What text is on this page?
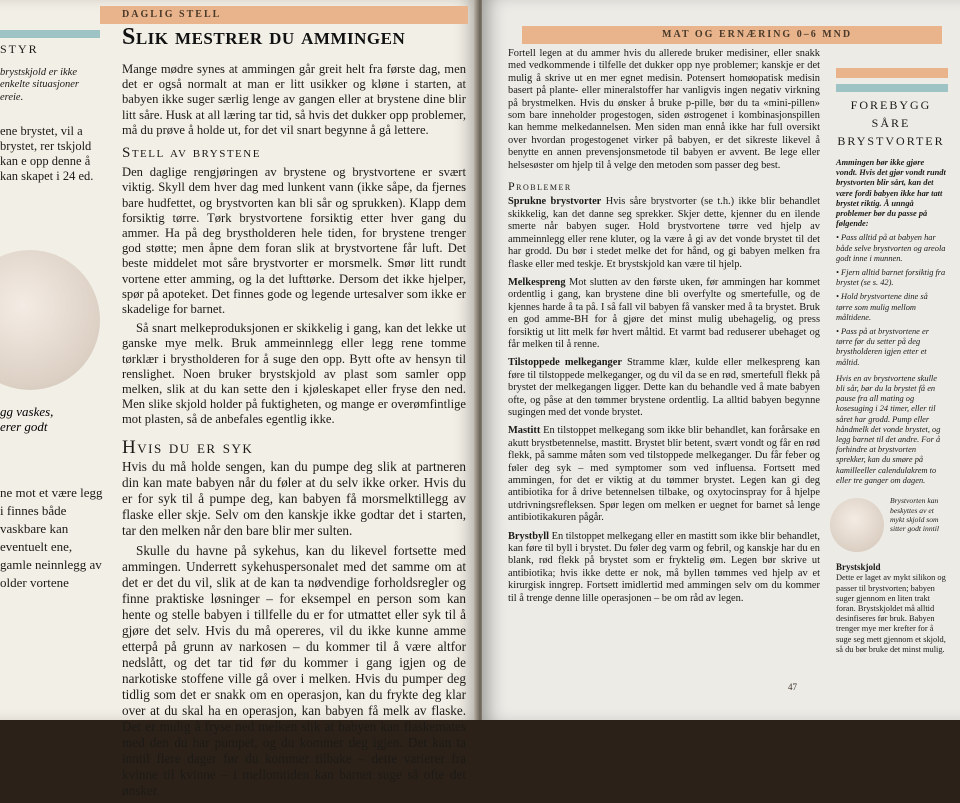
DAGLIG STELL
Slik mestrer du ammingen

Mange mødre synes at ammingen går greit helt fra første dag, men det er også normalt at man er litt usikker og kløne i starten, at babyen ikke suger særlig lenge av gangen eller at brystene dine blir litt såre. Husk at all læring tar tid, så hvis det dukker opp problemer, må du prøve å holde ut, for det vil snart begynne å gå lettere.

Stell av brystene

Den daglige rengjøringen av brystene og brystvortene er svært viktig. Skyll dem hver dag med lunkent vann (ikke såpe, da fjernes bare hudfettet, og brystvorten kan bli sår og sprukken). Klapp dem forsiktig tørre. Tørk brystvortene forsiktig etter hver gang du ammer. Ha på deg brystholderen hele tiden, for brystene trenger god støtte; men åpne dem foran slik at brystvortene får luft. Det beste middelet mot såre brystvorter er morsmelk. Smør litt rundt vortene etter amming, og la det lufttørke. Dersom det ikke hjelper, spør på apoteket. Det finnes gode og legende urtesalver som ikke er skadelige for barnet.

Så snart melkeproduksjonen er skikkelig i gang, kan det lekke ut ganske mye melk. Bruk ammeinnlegg eller legg rene tomme tørklær i brystholderen for å suge den opp. Bytt ofte av hensyn til renslighet. Noen bruker brystskjold av plast som samler opp melken, slik at du kan sette den i kjøleskapet eller fryse den ned. Men slike skjold holder på fuktigheten, og mange er overømfintlige mot plasten, så de anbefales egentlig ikke.

Hvis du er syk

Hvis du må holde sengen, kan du pumpe deg slik at partneren din kan mate babyen når du føler at du selv ikke orker. Hvis du er for syk til å pumpe deg, kan babyen få morsmelktillegg av flaske eller skje. Selv om den kanskje ikke godtar det i starten, tar den melken når den bare blir mer sulten.

Skulle du havne på sykehus, kan du likevel fortsette med ammingen. Underrett sykehuspersonalet med det samme om at det er det du vil, slik at de kan ta nødvendige forholdsregler og finne praktiske løsninger – for eksempel en person som kan hente og stelle babyen i tillfelle du er for utmattet eller syk til å gjøre det selv. Hvis du må opereres, vil du ikke kunne amme etterpå på grunn av narkosen – du kommer til å være altfor nedslått, og det tar tid før du kommer i gang igjen og de narkotiske stoffene ville gå over i melken. Hvis du pumper deg tidlig som det er snakk om en operasjon, kan du frykte deg klar over at du skal ha en operasjon, kan babyen få melk av flaske. Det er mulig å fryse ned melken slik at babyen kan flaskemates med den du har pumpet, og du kommer deg igjen. Det kan ta inntil flere dager før du kommer tilbake – dette varierer fra kvinne til kvinne – i mellomtiden kan barnet suge så ofte det ønsker.

STYR
brystskjold er ikke enkelte situasjoner ereie.
ene brystet, vil a brystet, rer tskjold kan e opp denne å kan skapet i 24 ed.
gg vaskes, erer godt
ne mot et være legg i finnes både vaskbare kan eventuelt ene, gamle neinnlegg av older vortene
MAT OG ERNÆRING 0–6 MND

Fortell legen at du ammer hvis du allerede bruker medisiner, eller snakk med vedkommende i tilfelle det dukker opp nye problemer; kanskje er det mulig å skrive ut en mer egnet medisin. Potensert homøopatisk medisin basert på plante- eller mineralstoffer har vanligvis ingen negativ virkning på brystmelken. Hvis du ønsker å bruke p-pille, bør du ta «mini-pillen» som bare inneholder progestogen, siden østrogenet i kombinasjonspillen kan hemme melkedannelsen. Men siden man ennå ikke har full oversikt over hvordan progestogenet virker på babyen, er det sikreste likevel å benytte en annen prevensjonsmetode til babyen er avvent. Be lege eller helsesøster om hjelp til å velge den metoden som passer deg best.

Problemer

Sprukne brystvorter Hvis såre brystvorter (se t.h.) ikke blir behandlet skikkelig, kan det danne seg sprekker. Skjer dette, kjenner du en ilende smerte når babyen suger. Hold brystvortene tørre ved hjelp av ammeinnlegg eller rene kluter, og la være å gi av det vonde brystet til det har grodd. Du bør i stedet melke det for hånd, og gi babyen melken fra flaske eller med teskje. Et brystskjold kan være til hjelp.

Melkespreng Mot slutten av den første uken, før ammingen har kommet ordentlig i gang, kan brystene dine bli overfylte og smertefulle, og de kjennes harde å ta på. I så fall vil babyen få vansker med å ta brystet. Bruk en god amme-BH for å gjøre det minst mulig ubehagelig, og press forsiktig ut litt melk før hvert måltid. Et varmt bad reduserer ubehaget og får melken til å renne.

Tilstoppede melkeganger Stramme klær, kulde eller melkespreng kan føre til tilstoppede melkeganger, og du vil da se en rød, smertefull flekk på brystet der melkegangen ligger. Dette kan du behandle ved å mate babyen ofte, og påse at den tømmer brystene ordentlig. La alltid babyen begynne sugingen med det vonde brystet.

Mastitt En tilstoppet melkegang som ikke blir behandlet, kan forårsake en akutt brystbetennelse, mastitt. Brystet blir betent, svært vondt og får en rød flekk, på samme måten som ved tilstoppede melkeganger. Du får feber og føler deg syk – med symptomer som ved influensa. Fortsett med ammingen, for det er viktig at du tømmer brystet. Legen kan gi deg antibiotika for å drive betennelsen tilbake, og oxytocinspray for å hjelpe utdrivningsrefleksen. Spør legen om melken er uegnet for barnet så lenge antibiotikakuren pågår.

Brystbyll En tilstoppet melkegang eller en mastitt som ikke blir behandlet, kan føre til byll i brystet. Du føler deg varm og febril, og kanskje har du en blank, rød flekk på brystet som er fryktelig øm. Legen bør skrive ut antibiotika; hvis ikke dette er nok, må byllen tømmes ved hjelp av et kirurgisk inngrep. Fortsett imidlertid med ammingen selv om du kommer til å trenge denne lille operasjonen – be om råd av legen.

FOREBYGG SÅRE BRYSTVORTER

Ammingen bør ikke gjøre vondt. Hvis det gjør vondt rundt brystvorten blir sårt, kan det være fordi babyen ikke har tatt brystet riktig. Å unngå problemer bør du passe på følgende:

• Pass alltid på at babyen har både selve brystvorten og areola godt inne i munnen.

• Fjern alltid barnet forsiktig fra brystet (se s. 42).

• Hold brystvortene dine så tørre som mulig mellom måltidene.

• Pass på at brystvortene er tørre før du setter på deg brystholderen igjen etter et måltid.

Hvis en av brystvortene skulle bli sår, bør du la brystet få en pause fra all mating og kosesuging i 24 timer, eller til såret har grodd. Pump eller håndmelk det vonde brystet, og legg barnet til det andre. For å forhindre at brystvorten sprekker, kan du smøre på kamilleeller calendulakrem to eller tre ganger om dagen.

Brystvorten kan beskyttes av et mykt skjold som sitter godt inntil

Brystskjold
Dette er laget av mykt silikon og passer til brystvorten; babyen suger gjennom en liten trakt foran. Brystskjoldet må alltid desinfiseres før bruk. Babyen trenger mye mer krefter for å suge seg mett gjennom et skjold, så du bør bruke det minst mulig.

47
